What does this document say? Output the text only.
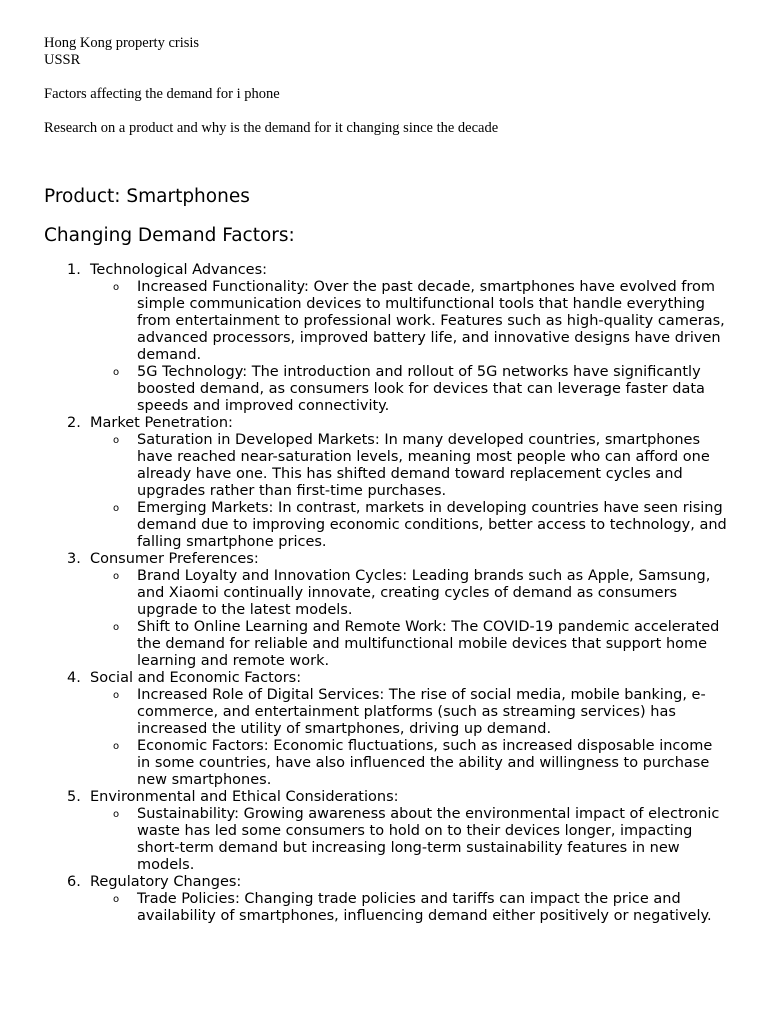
Hong Kong property crisis
USSR
Factors affecting the demand for i phone
Research on a product and why is the demand for it changing since the decade
Product: Smartphones
Changing Demand Factors:
1. Technological Advances:
o Increased Functionality: Over the past decade, smartphones have evolved from simple communication devices to multifunctional tools that handle everything from entertainment to professional work. Features such as high-quality cameras, advanced processors, improved battery life, and innovative designs have driven demand.
o 5G Technology: The introduction and rollout of 5G networks have significantly boosted demand, as consumers look for devices that can leverage faster data speeds and improved connectivity.
2. Market Penetration:
o Saturation in Developed Markets: In many developed countries, smartphones have reached near-saturation levels, meaning most people who can afford one already have one. This has shifted demand toward replacement cycles and upgrades rather than first-time purchases.
o Emerging Markets: In contrast, markets in developing countries have seen rising demand due to improving economic conditions, better access to technology, and falling smartphone prices.
3. Consumer Preferences:
o Brand Loyalty and Innovation Cycles: Leading brands such as Apple, Samsung, and Xiaomi continually innovate, creating cycles of demand as consumers upgrade to the latest models.
o Shift to Online Learning and Remote Work: The COVID-19 pandemic accelerated the demand for reliable and multifunctional mobile devices that support home learning and remote work.
4. Social and Economic Factors:
o Increased Role of Digital Services: The rise of social media, mobile banking, e-commerce, and entertainment platforms (such as streaming services) has increased the utility of smartphones, driving up demand.
o Economic Factors: Economic fluctuations, such as increased disposable income in some countries, have also influenced the ability and willingness to purchase new smartphones.
5. Environmental and Ethical Considerations:
o Sustainability: Growing awareness about the environmental impact of electronic waste has led some consumers to hold on to their devices longer, impacting short-term demand but increasing long-term sustainability features in new models.
6. Regulatory Changes:
o Trade Policies: Changing trade policies and tariffs can impact the price and availability of smartphones, influencing demand either positively or negatively.
